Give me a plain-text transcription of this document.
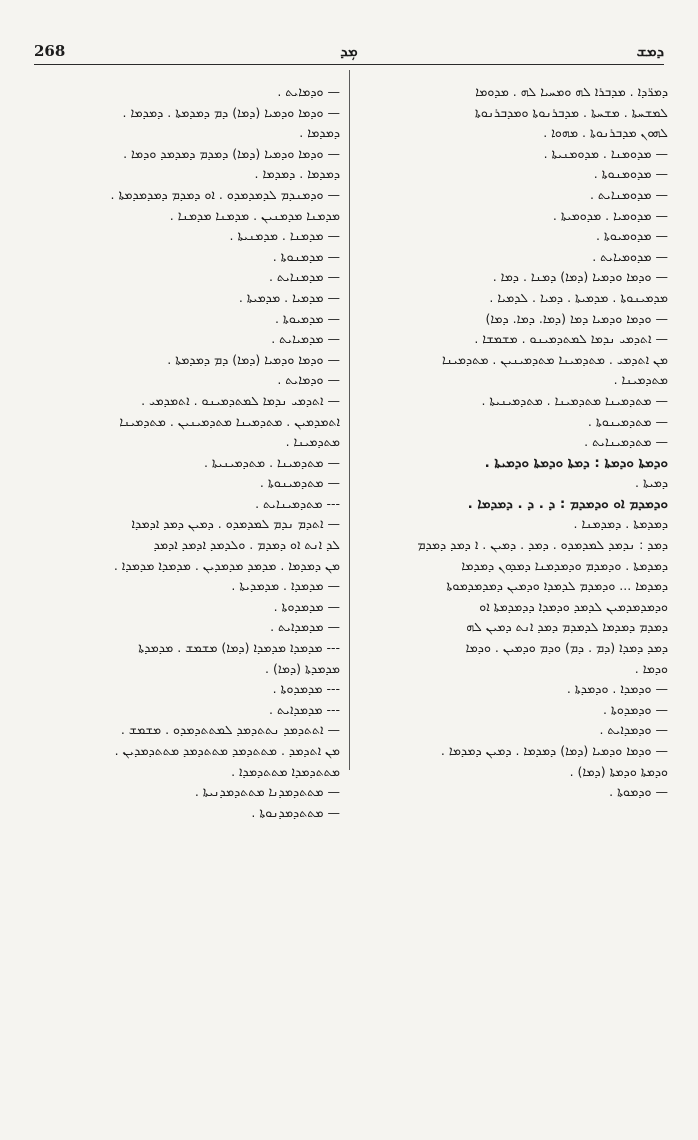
268	ܡܼܕ	ܕܡܫ
ܕܡܪ̈ܕܐ . ܡܕܒܪܐ ܠܗ ܘܡܚܝܐ ܠܗ . ܡܕܘܡܐ
ܠܡܫܚܬܐ . ܡܫܚܬܐ . ܡܕܒܪܢܘܬܐ ܘܡܕܒܪܢܘܬܐ
ܠܗܘܢ ܡܕܒܪܢܘܬܐ . ܡܗܘܐ .
— ܡܕܘܡܢܐ . ܡܕܘܡܢܝܬܐ .
— ܡܕܘܡܢܘܬܐ .
— ܡܕܘܡܢܐܝܬ .
— ܡܕܘܡܝܐ . ܡܕܘܡܝܬܐ .
— ܡܕܘܡܝܘܬܐ .
— ܡܕܘܡܝܐܝܬ .
— ܘܕܡܐ ܘܕܡܝܐ (ܕܡܐ) ܕܡܢܐ . ܕܡܐ .
ܡܕܡܝܢܘܬܐ . ܡܕܡܝܬܐ . ܕܡܝܐ . ܠܕܡܝܐ .
— ܘܕܡܐ ܘܕܡܝܐ ܕܡܐ (ܕܡܐ. ܕܡܐ. ܕܡܐ)
— ܐܬܕܡܝ ܢܕܡܐ ܠܡܬܕܡܝܢܘ . ܡܫܡܫܐ .
ܡܢ ܐܬܕܡܝ . ܡܬܕܡܝܢܐ ܡܬܕܡܝܢܝܢ . ܡܬܕܡܝܢܐ
ܡܬܕܡܝܢܐ .
— ܡܬܕܡܝܢܐ ܡܬܕܡܝܢܐ . ܡܬܕܡܝܢܝܬܐ .
— ܡܬܕܡܝܢܘܬܐ .
— ܡܬܕܡܝܢܐܝܬ .
ܘܕܡܬܐ ܘܕܡܬܐ : ܕܡܬܐ ܘܕܡܬܐ ܘܕܡܝܬܐ .
ܕܡܝܬܐ .
ܘܕܡܕܡ ܐܘ ܘܕܡܕܡ : ܕ . ܕ . ܕܡܕܡܐ .
ܕܡܕܡܬܐ . ܕܡܕܡܢܐ .
ܕܡܕ : ܢܕܡܕ ܠܡܕܡܕܘ . ܕܡܕ . ܕܡܝܢ . ܐ ܕܡܕ ܕܡܕܡ
ܕܡܕܡܬܐ . ܘܕܡܕܡ ܘܕܡܕܡܢܐ ܕܡܕܘܢ ܕܡܕܡܐ
ܕܡܕܡܐ ... ܘܕܡܕܡ ܠܕܡܕܐ ܘܕܡܝܢ ܕܡܕܡܕܡܘܬܐ
ܘܕܡܕܡܕܡܝܢ ܠܕܡܕ ܘܕܡܕܐ ܕܕܡܕܡܬܐ ܐܘ
ܕܡܕܡ ܕܡܕܡܐ ܠܕܡܕܡ ܕܡܕ ܐܢܬ ܕܡܝܢ ܠܗ
ܕܡܕ ܕܡܕܐ (ܕܡ . ܕܡ) ܘܕܡ ܘܕܡܝܢ . ܘܕܡܐ
ܘܕܡܐ .
— ܘܕܡܕܐ . ܘܕܡܕܬܐ .
— ܘܕܡܕܘܬܐ .
— ܘܕܡܕܐܝܬ .
— ܘܕܡܐ ܘܕܡܝܐ (ܕܡܐ) ܕܡܕܡܐ . ܕܡܝܢ ܕܡܕܡܐ .
ܘܕܡܬܐ ܘܕܡܬܐ (ܕܡܐ) .
— ܘܕܡܘܬܐ .
— ܘܕܡܐܝܬ .
— ܘܕܡܐ ܘܕܡܝܐ (ܕܡܐ) ܕܡ ܕܡܕܡܬܐ . ܕܡܕܡܐ .
ܕܡܕܡܐ .
— ܘܕܡܐ ܘܕܡܝܐ (ܕܡܐ) ܕܡܕܡ ܕܡܕܡܕ ܘܕܡܐ .
ܕܡܕܡܐ . ܕܡܕܡܐ .
— ܘܕܡܢܕܡ ܠܕܡܕܡܕܘ . ܐܘ ܕܡܕܡ ܕܡܕܡܕܡܬܐ .
ܡܕܡܢܐ ܡܕܡܢܝܢ . ܡܕܡܢܐ ܡܕܡܢܐ .
— ܡܕܡܢܐ . ܡܕܡܢܝܬܐ .
— ܡܕܡܢܘܬܐ .
— ܡܕܡܢܐܝܬ .
— ܡܕܡܝܐ . ܡܕܡܝܬܐ .
— ܡܕܡܝܘܬܐ .
— ܡܕܡܝܐܝܬ .
— ܘܕܡܐ ܘܕܡܝܐ (ܕܡܐ) ܕܡ ܕܡܕܡܬܐ .
— ܘܕܡܐܝܬ .
— ܐܬܕܡܝ ܢܕܡܐ ܠܡܬܕܡܝܢܘ . ܐܬܡܕܡܝ .
ܐܬܡܕܡܝܢ . ܡܬܕܡܝܢܐ ܡܬܕܡܝܢܝܢ . ܡܬܕܡܝܢܐ
ܡܬܕܡܝܢܐ .
— ܡܬܕܡܝܢܐ . ܡܬܕܡܝܢܝܬܐ .
— ܡܬܕܡܝܢܘܬܐ .
--- ܡܬܕܡܝܢܐܝܬ .
— ܐܬܕܡ ܢܕܡ ܠܡܕܡܕܘ . ܕܡܝܢ ܕܡܕ ܐܕܡܕܐ
ܠܕ ܐܢܬ ܐܘ ܕܡܕܡ . ܘܠܕܡܕ ܐܕܡܕ ܐܕܡܕ
ܡܢ ܕܡܕܡܐ . ܡܕܡܕ ܡܕܡܕܝܢ . ܡܕܡܕܐ ܡܕܡܕܐ .
— ܡܕܡܕܐ . ܡܕܡܕܝܬܐ .
— ܡܕܡܕܘܬܐ .
— ܡܕܡܕܐܝܬ .
--- ܡܕܡܕܐ ܡܕܡܕܐ (ܕܡܐ) ܡܫܡܫ . ܡܕܡܕܬܐ
ܡܕܡܕܬܐ (ܕܡܐ) .
--- ܡܕܡܕܘܬܐ .
--- ܡܕܡܕܐܝܬ .
— ܐܬܬܕܡܕ ܢܬܬܕܡܕ ܠܡܬܬܕܡܕܘ . ܡܫܡܫ .
ܡܢ ܐܬܕܡܕ . ܡܬܬܕܡܕ ܡܬܬܕܡܕ ܡܬܬܕܡܕܝܢ .
ܡܬܬܕܡܕܐ ܡܬܬܕܡܕܐ .
— ܡܬܬܕܡܕܢܐ ܡܬܬܕܡܕܢܝܬܐ .
— ܡܬܬܕܡܕܢܘܬܐ .
